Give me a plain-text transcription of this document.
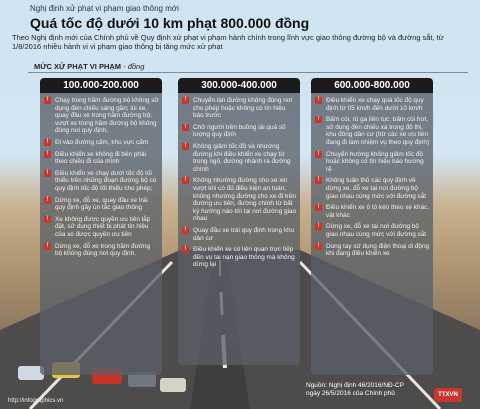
Nghị định xử phạt vi phạm giao thông mới
Quá tốc độ dưới 10 km phạt 800.000 đồng
Theo Nghị định mới của Chính phủ về Quy định xử phạt vi phạm hành chính trong lĩnh vực giao thông đường bộ và đường sắt, từ 1/8/2016 nhiều hành vi vi phạm giao thông bị tăng mức xử phạt
MỨC XỬ PHẠT VI PHẠM - đồng
100.000-200.000
!	Chạy trong hầm đường bộ không sử dụng đèn chiếu sáng gần; lùi xe, quay đầu xe trong hầm đường bộ; vượt xe trong hầm đường bộ không đúng nơi quy định;
!	Đi vào đường cấm, khu vực cấm
!	Điều khiển xe không đi bên phải theo chiều đi của mình
!	Điều khiển xe chạy dưới tốc độ tối thiểu trên những đoạn đường bộ có quy định tốc độ tối thiểu cho phép;
!	Dừng xe, đỗ xe, quay đầu xe trái quy định gây ùn tắc giao thông
!	Xe không được quyền ưu tiên lắp đặt, sử dụng thiết bị phát tín hiệu của xe được quyền ưu tiên
!	Dừng xe, đỗ xe trong hầm đường bộ không đúng nơi quy định.
300.000-400.000
!	Chuyển làn đường không đúng nơi cho phép hoặc không có tín hiệu báo trước
!	Chở người trên buồng lái quá số lượng quy định
!	Không giảm tốc độ và nhường đường khi điều khiển xe chạy từ trong ngõ, đường nhánh ra đường chính
!	Không nhường đường cho xe xin vượt khi có đủ điều kiện an toàn; không nhường đường cho xe đi trên đường ưu tiên, đường chính từ bất kỳ hướng nào tới tại nơi đường giao nhau
!	Quay đầu xe trái quy định trong khu dân cư
!	Điều khiển xe có liên quan trực tiếp đến vụ tai nạn giao thông mà không dừng lại
600.000-800.000
!	Điều khiển xe chạy quá tốc độ quy định từ 05 km/h đến dưới 10 km/h
!	Bấm còi, rú ga liên tục; bấm còi hơi, sử dụng đèn chiếu xa trong đô thị, khu đông dân cư (trừ các xe ưu tiên đang đi làm nhiệm vụ theo quy định)
!	Chuyển hướng không giảm tốc độ hoặc không có tín hiệu báo hướng rẽ
!	Không tuân thủ các quy định về dừng xe, đỗ xe tại nơi đường bộ giao nhau cùng mức với đường sắt
!	Điều khiển xe ô tô kéo theo xe khác, vật khác
!	Dừng xe, đỗ xe tại nơi đường bộ giao nhau cùng mức với đường sắt
!	Dùng tay sử dụng điện thoại di động khi đang điều khiển xe
Nguồn: Nghị định 46/2016/NĐ-CP
ngày 26/5/2016 của Chính phủ
http://infographics.vn
TTXVN
